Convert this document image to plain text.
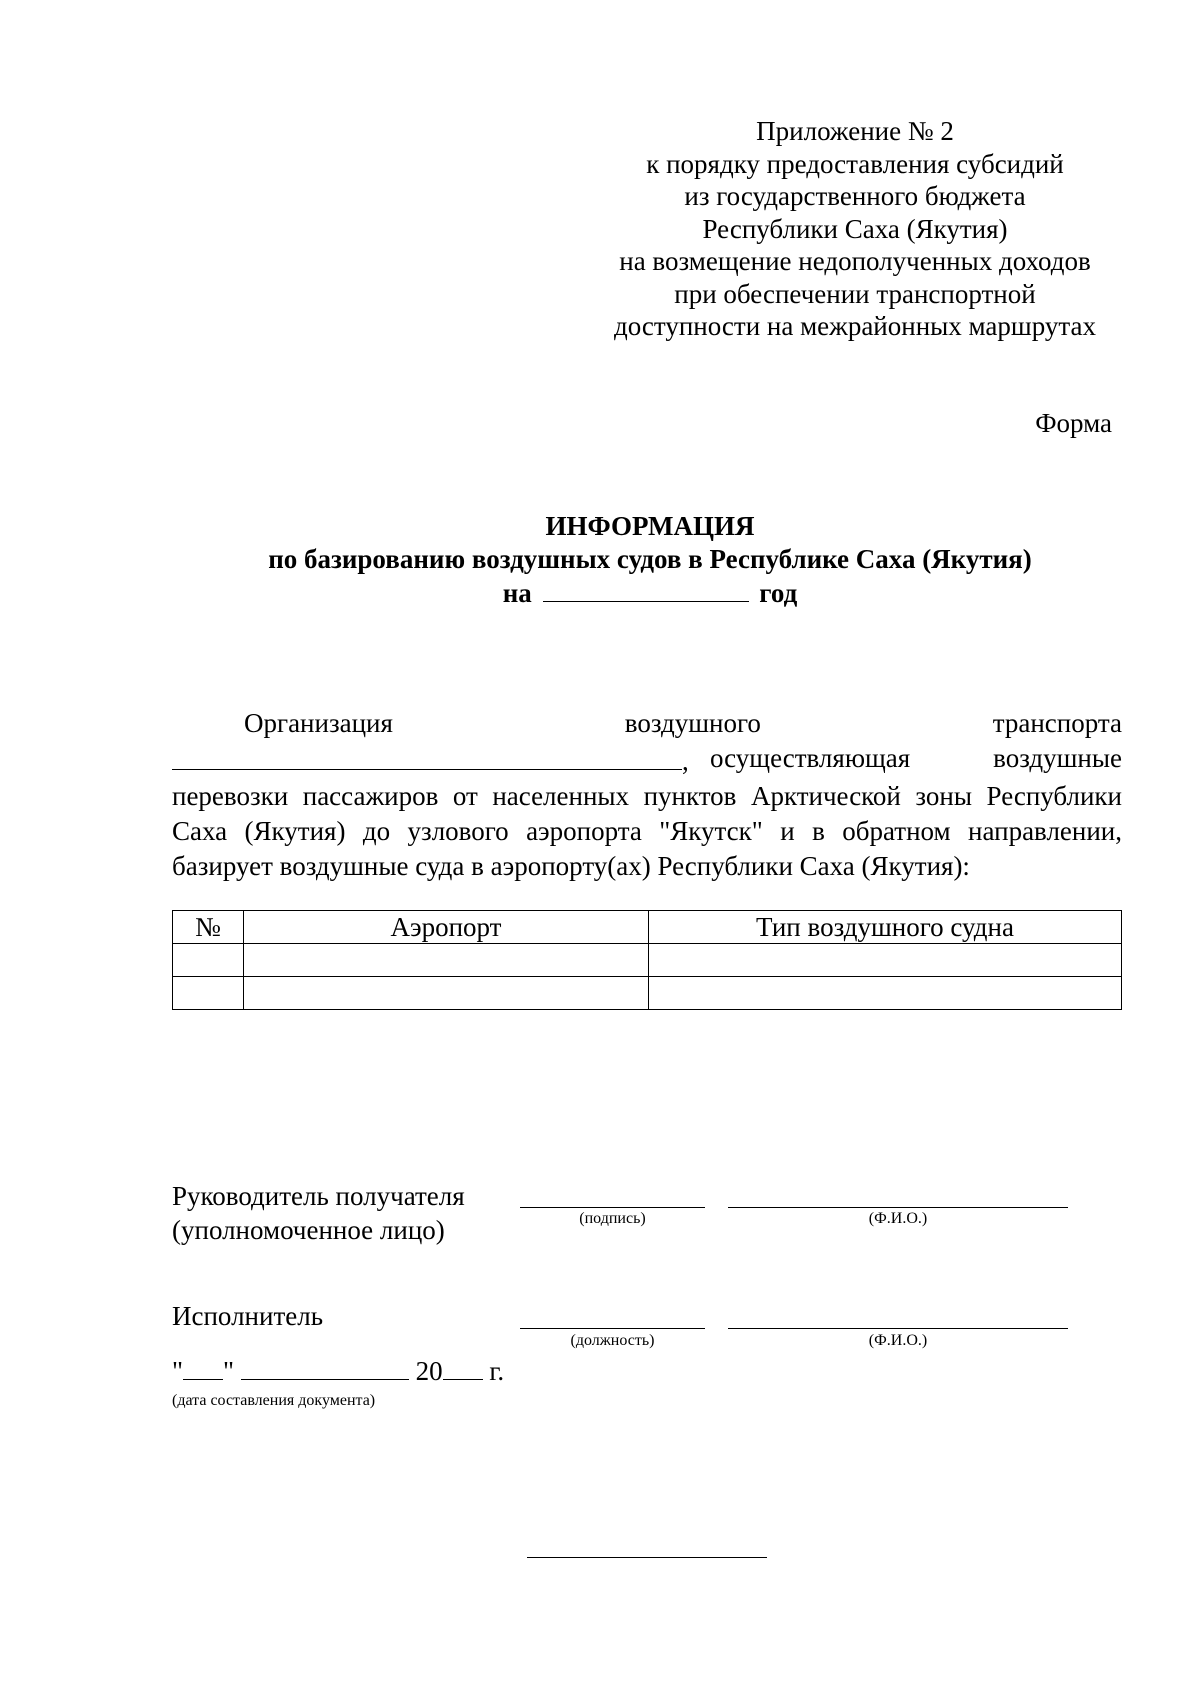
Приложение № 2
к порядку предоставления субсидий
из государственного бюджета
Республики Саха (Якутия)
на возмещение недополученных доходов
при обеспечении транспортной
доступности на межрайонных маршрутах
Форма
ИНФОРМАЦИЯ
по базированию воздушных судов в Республике Саха (Якутия)
на	год
Организация	воздушного	транспорта
, осуществляющая	воздушные
перевозки пассажиров от населенных пунктов Арктической зоны Республики
Саха (Якутия) до узлового аэропорта "Якутск" и в обратном направлении,
базирует воздушные суда в аэропорту(ах) Республики Саха (Якутия):
№	Аэропорт	Тип воздушного судна

Руководитель получателя
(уполномоченное лицо)	(подпись)	(Ф.И.О.)
Исполнитель
(должность)	(Ф.И.О.)
" "	20 г.
(дата составления документа)
